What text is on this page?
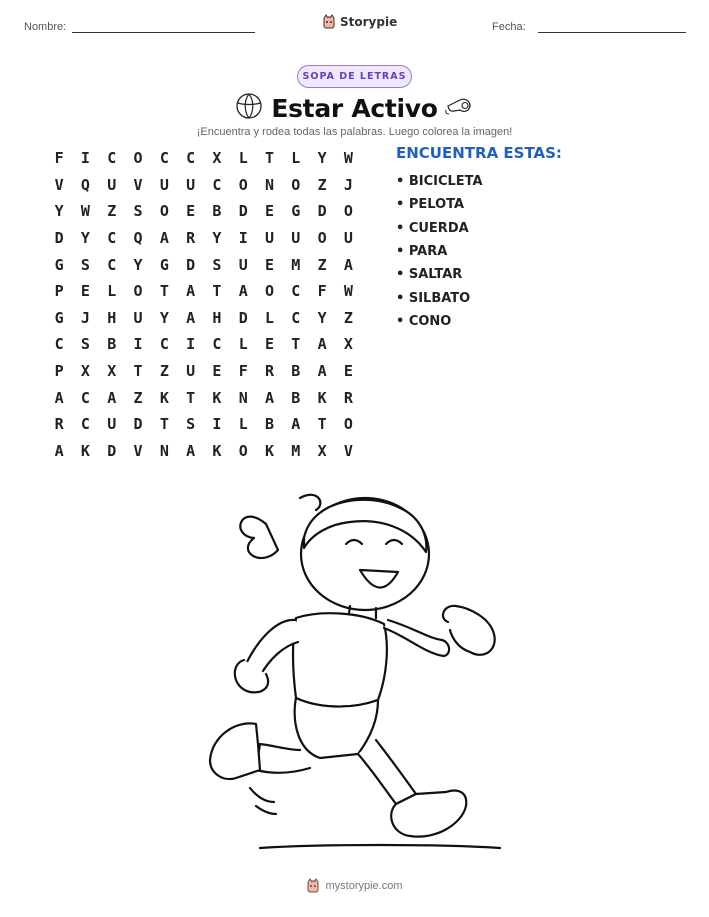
Nombre:	Storypie	Fecha:
SOPA DE LETRAS
Estar Activo
¡Encuentra y rodea todas las palabras. Luego colorea la imagen!
F	I	C	O	C	C	X	L	T	L	Y	W
V	Q	U	V	U	U	C	O	N	O	Z	J
Y	W	Z	S	O	E	B	D	E	G	D	O
D	Y	C	Q	A	R	Y	I	U	U	O	U
G	S	C	Y	G	D	S	U	E	M	Z	A
P	E	L	O	T	A	T	A	O	C	F	W
G	J	H	U	Y	A	H	D	L	C	Y	Z
C	S	B	I	C	I	C	L	E	T	A	X
P	X	X	T	Z	U	E	F	R	B	A	E
A	C	A	Z	K	T	K	N	A	B	K	R
R	C	U	D	T	S	I	L	B	A	T	O
A	K	D	V	N	A	K	O	K	M	X	V
ENCUENTRA ESTAS:
• BICICLETA
• PELOTA
• CUERDA
• PARA
• SALTAR
• SILBATO
• CONO
mystorypie.com
